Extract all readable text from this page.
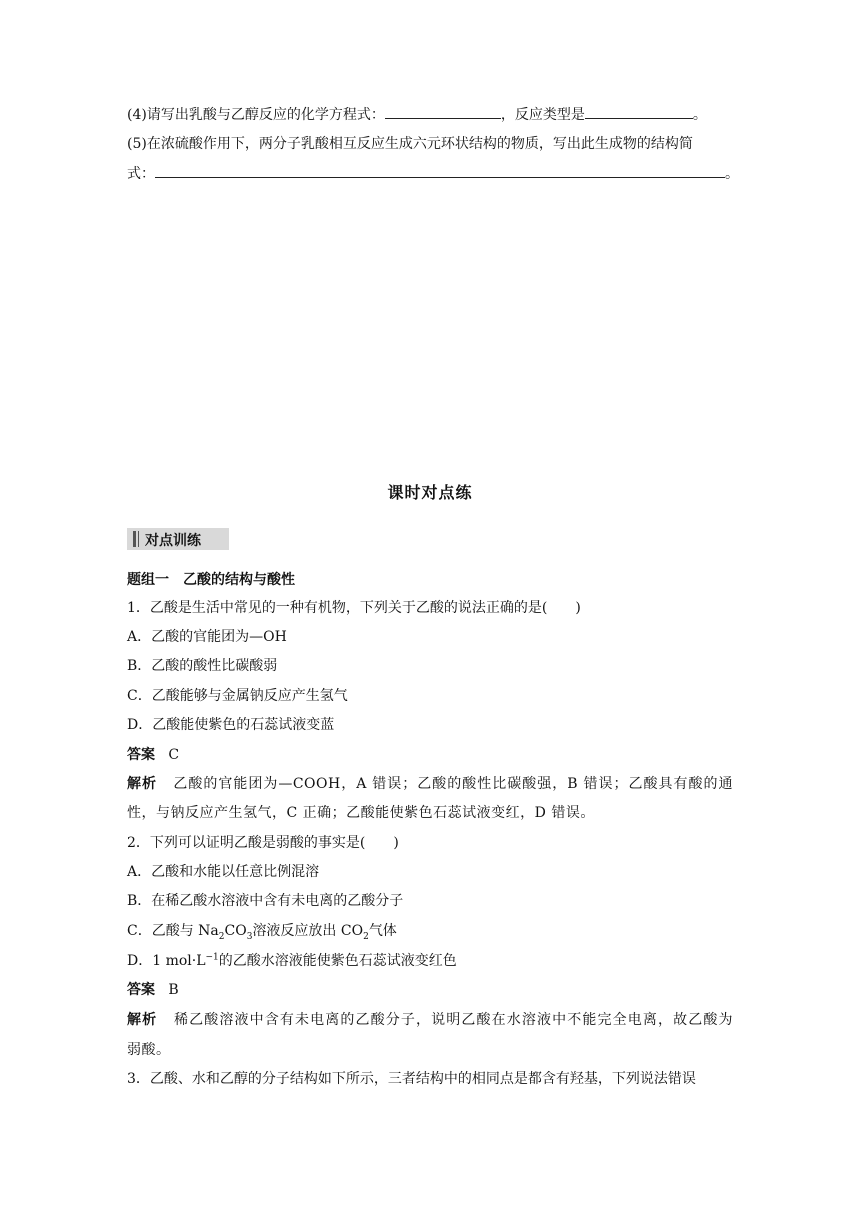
(4)请写出乳酸与乙醇反应的化学方程式：	，反应类型是	。
(5)在浓硫酸作用下，两分子乳酸相互反应生成六元环状结构的物质，写出此生成物的结构简
式：	。
课时对点练
对点训练
题组一　乙酸的结构与酸性
1．乙酸是生活中常见的一种有机物，下列关于乙酸的说法正确的是(　　)
A．乙酸的官能团为—OH
B．乙酸的酸性比碳酸弱
C．乙酸能够与金属钠反应产生氢气
D．乙酸能使紫色的石蕊试液变蓝
答案 C
解析 乙酸的官能团为—COOH，A 错误；乙酸的酸性比碳酸强，B 错误；乙酸具有酸的通
性，与钠反应产生氢气，C 正确；乙酸能使紫色石蕊试液变红，D 错误。
2．下列可以证明乙酸是弱酸的事实是(　　)
A．乙酸和水能以任意比例混溶
B．在稀乙酸水溶液中含有未电离的乙酸分子
C．乙酸与 $Na_2CO_3$溶液反应放出 $CO_2$气体
D．1 $mol\cdot L^{-1}$的乙酸水溶液能使紫色石蕊试液变红色
答案 B
解析 稀乙酸溶液中含有未电离的乙酸分子，说明乙酸在水溶液中不能完全电离，故乙酸为
弱酸。
3．乙酸、水和乙醇的分子结构如下所示，三者结构中的相同点是都含有羟基，下列说法错误
